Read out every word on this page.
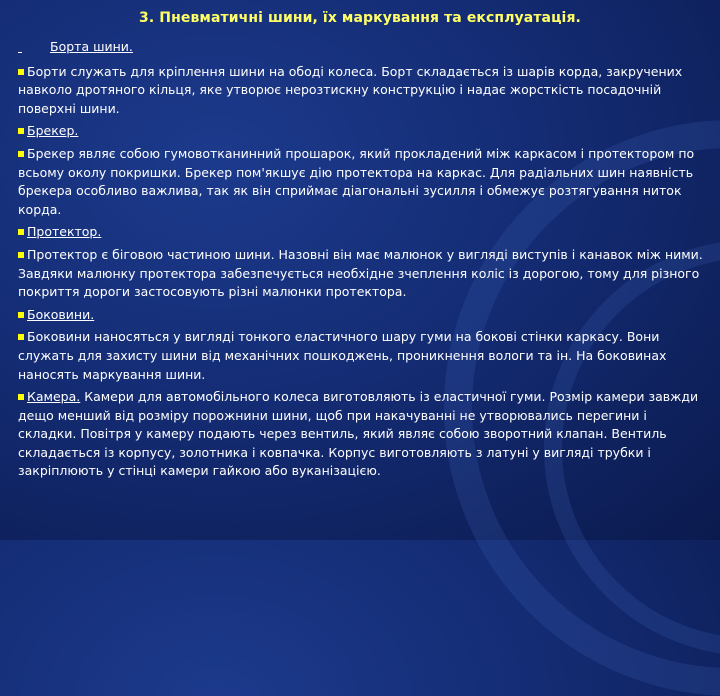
3. Пневматичні шини, їх маркування та експлуатація.
Борта шини.
Борти служать для кріплення шини на ободі колеса. Борт складається із шарів корда, закручених навколо дротяного кільця, яке утворює нерозтискну конструкцію і надає жорсткість посадочній поверхні шини.
Брекер.
Брекер являє собою гумовотканинний прошарок, який прокладений між каркасом і протектором по всьому околу покришки. Брекер пом'якшує дію протектора на каркас. Для радіальних шин наявність брекера особливо важлива, так як він сприймає діагональні зусилля і обмежує розтягування ниток корда.
Протектор.
Протектор є біговою частиною шини. Назовні він має малюнок у вигляді виступів і канавок між ними. Завдяки малюнку протектора забезпечується необхідне зчеплення коліс із дорогою, тому для різного покриття дороги застосовують різні малюнки протектора.
Боковини.
Боковини наносяться у вигляді тонкого еластичного шару гуми на бокові стінки каркасу. Вони служать для захисту шини від механічних пошкоджень, проникнення вологи та ін. На боковинах наносять маркування шини.
Камера. Камери для автомобільного колеса виготовляють із еластичної гуми. Розмір камери завжди дещо менший від розміру порожнини шини, щоб при накачуванні не утворювались перегини і складки. Повітря у камеру подають через вентиль, який являє собою зворотний клапан. Вентиль складається із корпусу, золотника і ковпачка. Корпус виготовляють з латуні у вигляді трубки і закріплюють у стінці камери гайкою або вуканізацією.
